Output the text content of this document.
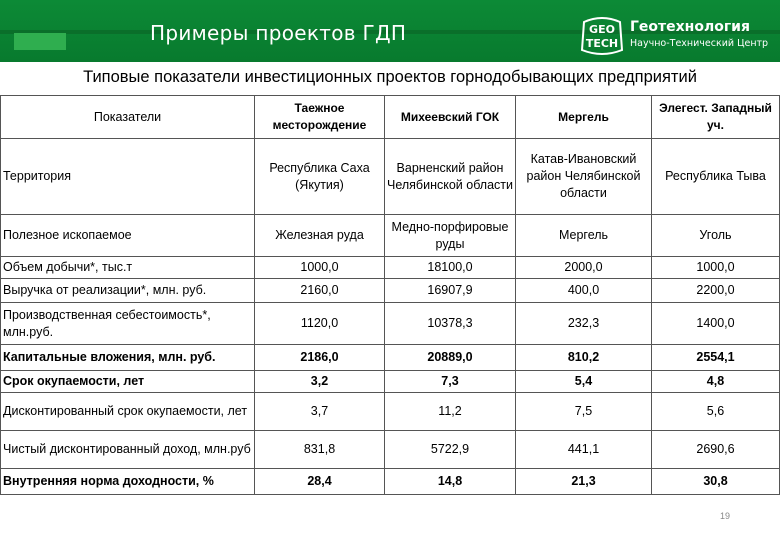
Примеры проектов ГДП	GEO
TECH
Геотехнология
Научно-Технический Центр
Типовые показатели инвестиционных проектов горнодобывающих предприятий
Показатели	Таежное месторождение	Михеевский ГОК	Мергель	Элегест. Западный уч.
Территория	Республика Саха (Якутия)	Варненский район Челябинской области	Катав-Ивановский район Челябинской области	Республика Тыва
Полезное ископаемое	Железная руда	Медно-порфировые руды	Мергель	Уголь
Объем добычи*, тыс.т	1000,0	18100,0	2000,0	1000,0
Выручка от реализации*, млн. руб.	2160,0	16907,9	400,0	2200,0
Производственная себестоимость*, млн.руб.	1120,0	10378,3	232,3	1400,0
Капитальные вложения, млн. руб.	2186,0	20889,0	810,2	2554,1
Срок окупаемости, лет	3,2	7,3	5,4	4,8
Дисконтированный срок окупаемости, лет	3,7	11,2	7,5	5,6
Чистый дисконтированный доход, млн.руб	831,8	5722,9	441,1	2690,6
Внутренняя норма доходности, %	28,4	14,8	21,3	30,8
19
